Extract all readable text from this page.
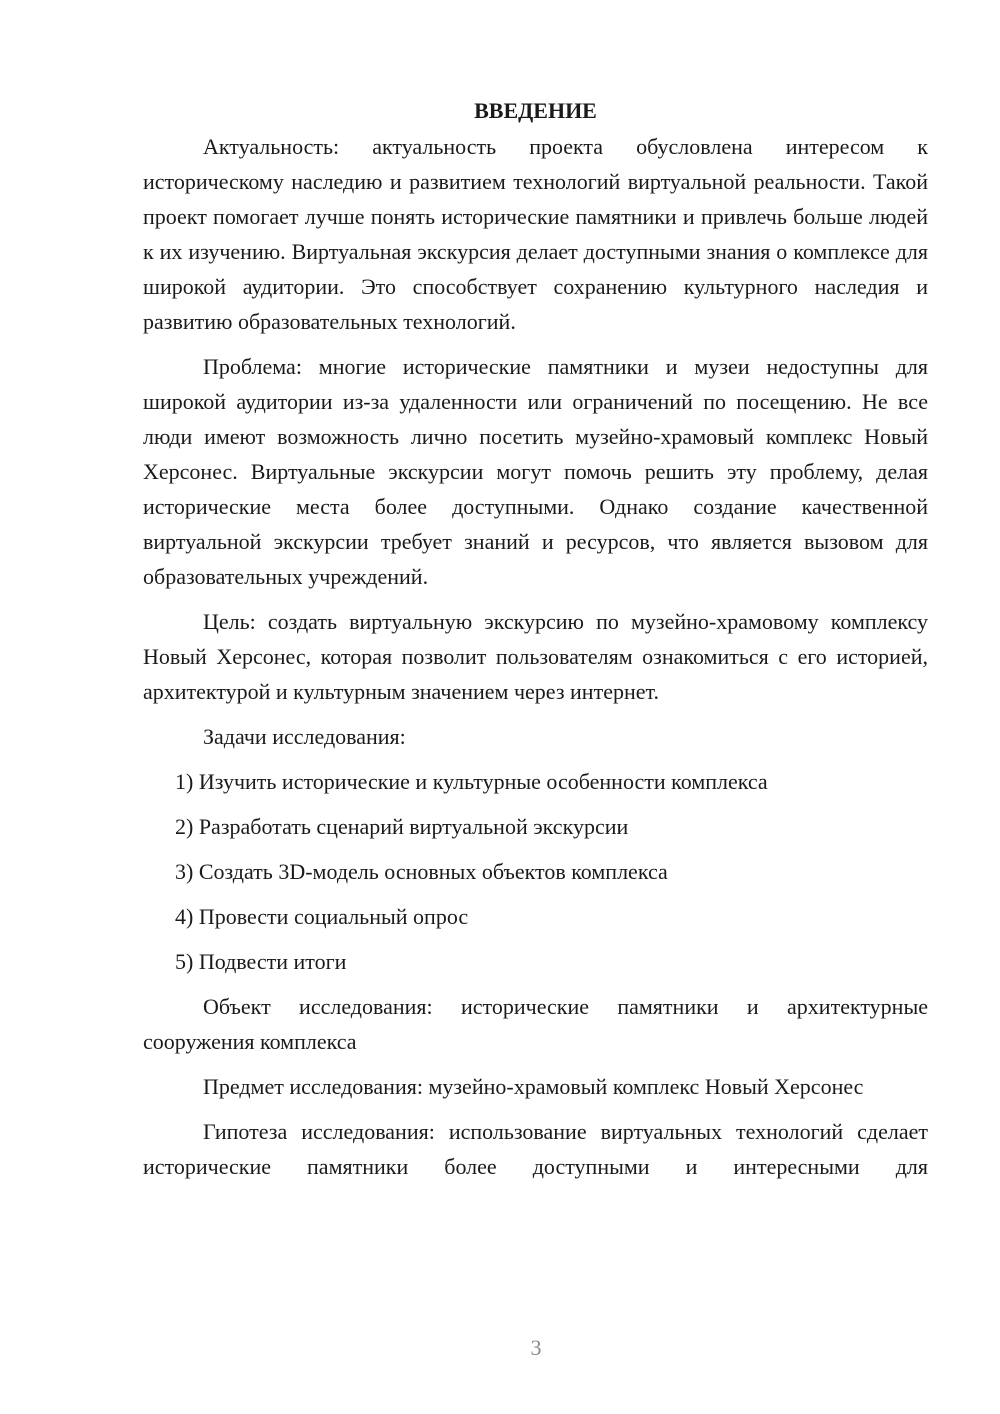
ВВЕДЕНИЕ

Актуальность: актуальность проекта обусловлена интересом к историческому наследию и развитием технологий виртуальной реальности. Такой проект помогает лучше понять исторические памятники и привлечь больше людей к их изучению. Виртуальная экскурсия делает доступными знания о комплексе для широкой аудитории. Это способствует сохранению культурного наследия и развитию образовательных технологий.

Проблема: многие исторические памятники и музеи недоступны для широкой аудитории из-за удаленности или ограничений по посещению. Не все люди имеют возможность лично посетить музейно-храмовый комплекс Новый Херсонес. Виртуальные экскурсии могут помочь решить эту проблему, делая исторические места более доступными. Однако создание качественной виртуальной экскурсии требует знаний и ресурсов, что является вызовом для образовательных учреждений.

Цель: создать виртуальную экскурсию по музейно-храмовому комплексу Новый Херсонес, которая позволит пользователям ознакомиться с его историей, архитектурой и культурным значением через интернет.

Задачи исследования:

1) Изучить исторические и культурные особенности комплекса
2) Разработать сценарий виртуальной экскурсии
3) Создать 3D-модель основных объектов комплекса
4) Провести социальный опрос
5) Подвести итоги

Объект исследования: исторические памятники и архитектурные сооружения комплекса

Предмет исследования: музейно-храмовый комплекс Новый Херсонес

Гипотеза исследования: использование виртуальных технологий сделает исторические памятники более доступными и интересными для

3
